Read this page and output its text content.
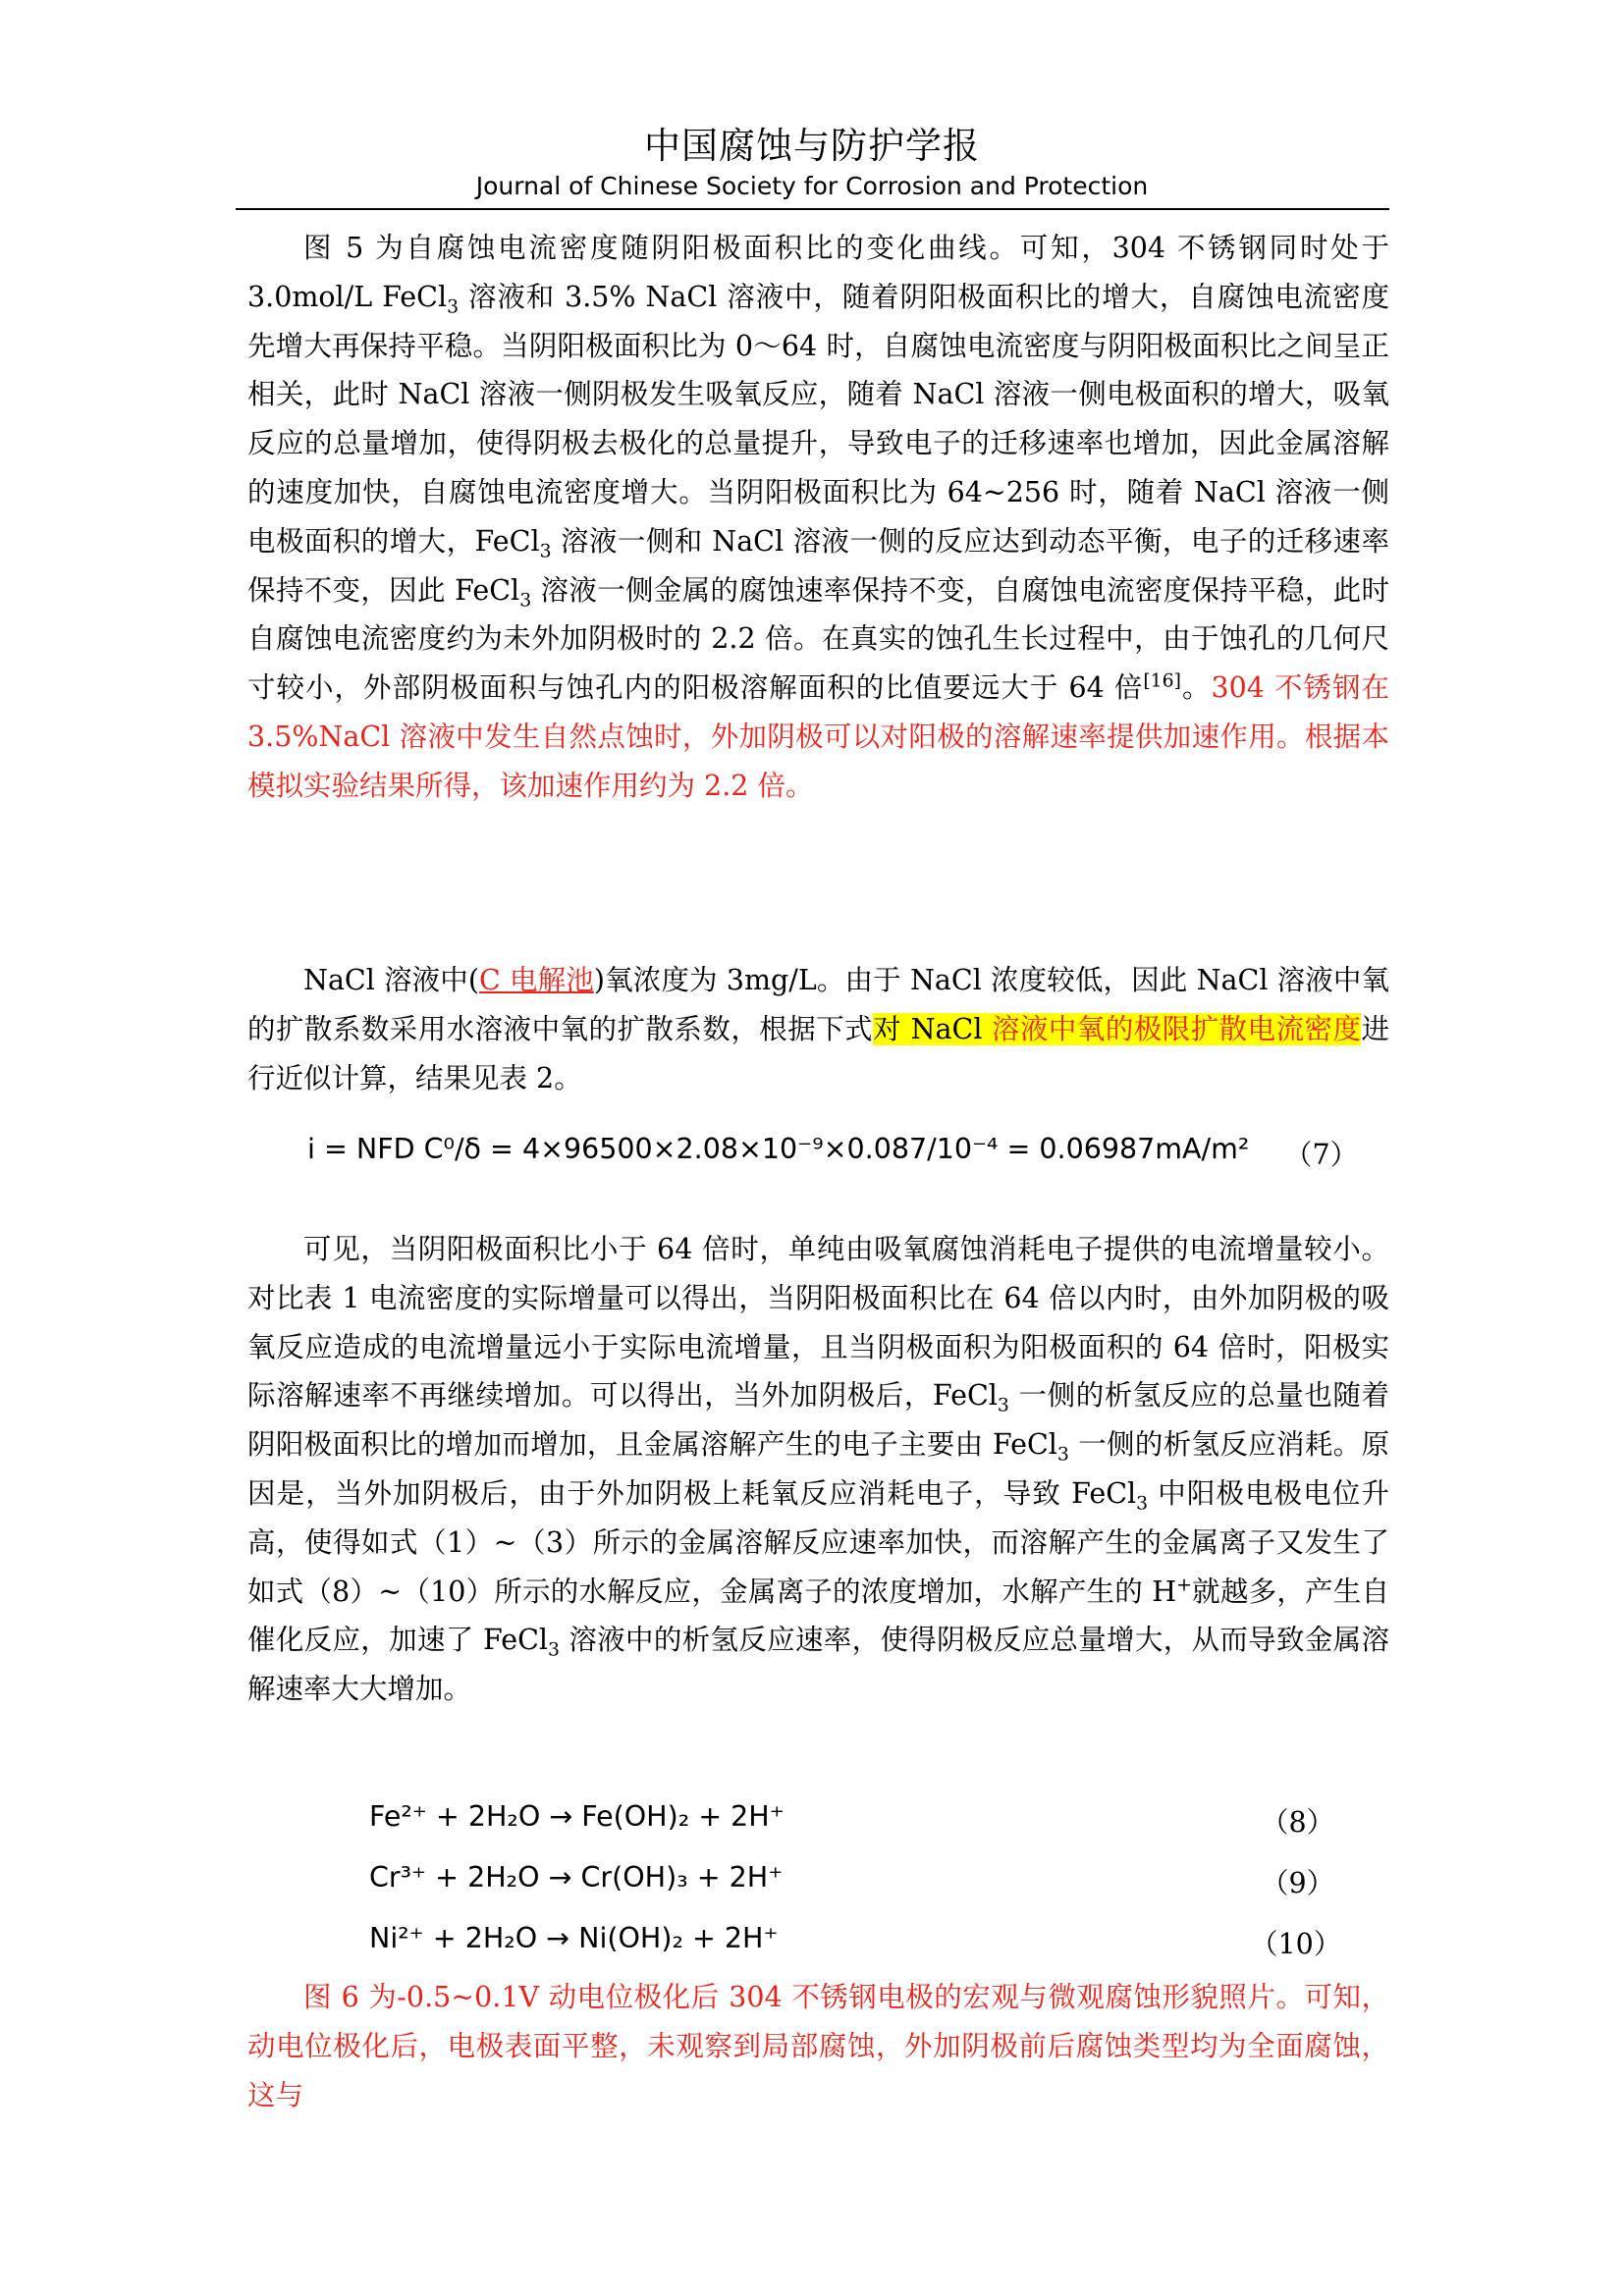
中国腐蚀与防护学报
Journal of Chinese Society for Corrosion and Protection

图 5 为自腐蚀电流密度随阴阳极面积比的变化曲线。可知，304 不锈钢同时处于 3.0mol/L FeCl$_3$ 溶液和 3.5% NaCl 溶液中，随着阴阳极面积比的增大，自腐蚀电流密度先增大再保持平稳。当阴阳极面积比为 0～64 时，自腐蚀电流密度与阴阳极面积比之间呈正相关，此时 NaCl 溶液一侧阴极发生吸氧反应，随着 NaCl 溶液一侧电极面积的增大，吸氧反应的总量增加，使得阴极去极化的总量提升，导致电子的迁移速率也增加，因此金属溶解的速度加快，自腐蚀电流密度增大。当阴阳极面积比为 64~256 时，随着 NaCl 溶液一侧电极面积的增大，FeCl$_3$ 溶液一侧和 NaCl 溶液一侧的反应达到动态平衡，电子的迁移速率保持不变，因此 FeCl$_3$ 溶液一侧金属的腐蚀速率保持不变，自腐蚀电流密度保持平稳，此时自腐蚀电流密度约为未外加阴极时的 2.2 倍。在真实的蚀孔生长过程中，由于蚀孔的几何尺寸较小，外部阴极面积与蚀孔内的阳极溶解面积的比值要远大于 64 倍[16]。304 不锈钢在 3.5%NaCl 溶液中发生自然点蚀时，外加阴极可以对阳极的溶解速率提供加速作用。根据本模拟实验结果所得，该加速作用约为 2.2 倍。

NaCl 溶液中(C 电解池)氧浓度为 3mg/L。由于 NaCl 浓度较低，因此 NaCl 溶液中氧的扩散系数采用水溶液中氧的扩散系数，根据下式对 NaCl 溶液中氧的极限扩散电流密度进行近似计算，结果见表 2。

i = NFD C⁰/δ = 4×96500×2.08×10⁻⁹×0.087/10⁻⁴ = 0.06987mA/m² （7）

可见，当阴阳极面积比小于 64 倍时，单纯由吸氧腐蚀消耗电子提供的电流增量较小。对比表 1 电流密度的实际增量可以得出，当阴阳极面积比在 64 倍以内时，由外加阴极的吸氧反应造成的电流增量远小于实际电流增量，且当阴极面积为阳极面积的 64 倍时，阳极实际溶解速率不再继续增加。可以得出，当外加阴极后，FeCl$_3$ 一侧的析氢反应的总量也随着阴阳极面积比的增加而增加，且金属溶解产生的电子主要由 FeCl$_3$ 一侧的析氢反应消耗。原因是，当外加阴极后，由于外加阴极上耗氧反应消耗电子，导致 FeCl$_3$ 中阳极电极电位升高，使得如式（1）~（3）所示的金属溶解反应速率加快，而溶解产生的金属离子又发生了如式（8）~（10）所示的水解反应，金属离子的浓度增加，水解产生的 H+就越多，产生自催化反应，加速了 FeCl$_3$ 溶液中的析氢反应速率，使得阴极反应总量增大，从而导致金属溶解速率大大增加。

Fe²⁺ + 2H₂O → Fe(OH)₂ + 2H⁺	（8）
Cr³⁺ + 2H₂O → Cr(OH)₃ + 2H⁺	（9）
Ni²⁺ + 2H₂O → Ni(OH)₂ + 2H⁺	（10）

图 6 为-0.5~0.1V 动电位极化后 304 不锈钢电极的宏观与微观腐蚀形貌照片。可知，动电位极化后，电极表面平整，未观察到局部腐蚀，外加阴极前后腐蚀类型均为全面腐蚀，这与
